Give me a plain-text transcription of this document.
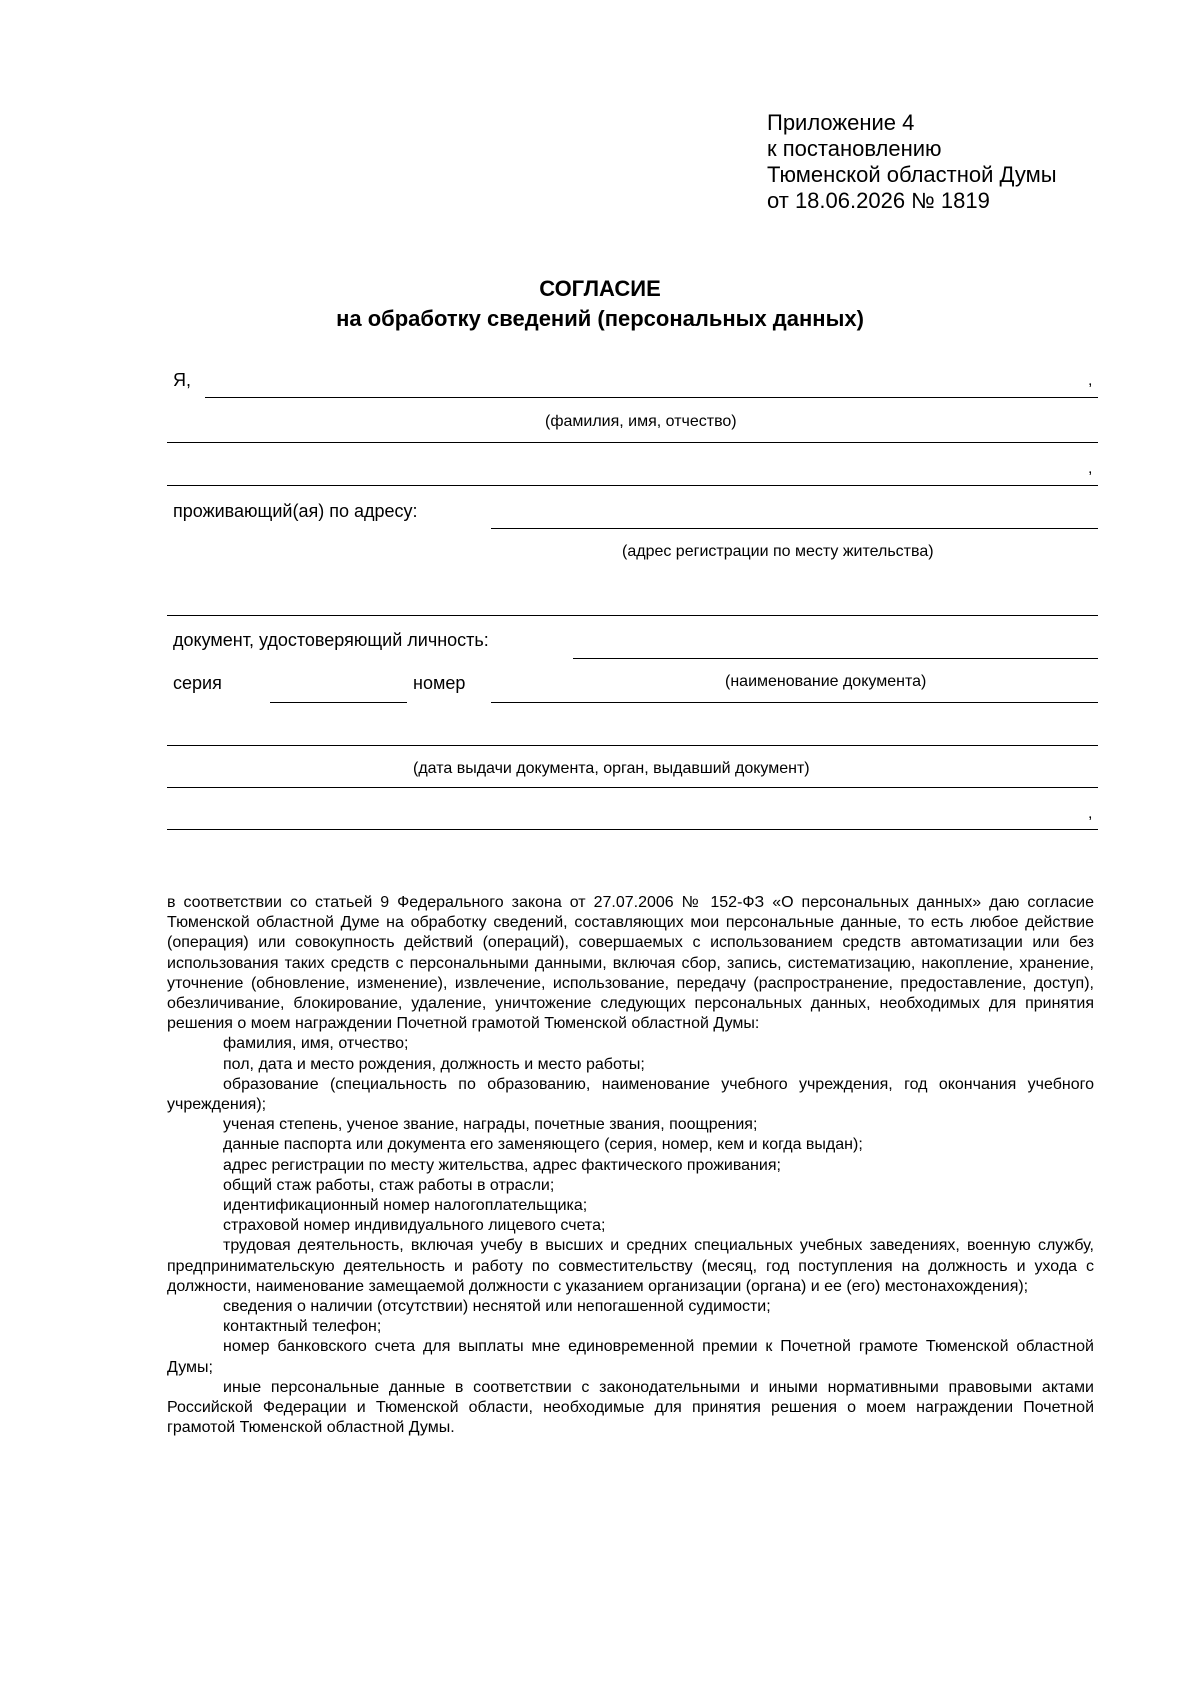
Приложение 4
к постановлению
Тюменской областной Думы
от 18.06.2026 № 1819
СОГЛАСИЕ
на обработку сведений (персональных данных)
Я,	,
(фамилия, имя, отчество)
,
проживающий(ая) по адресу:
(адрес регистрации по месту жительства)
документ, удостоверяющий личность:
серия	номер	(наименование документа)
(дата выдачи документа, орган, выдавший документ)
,

в соответствии со статьей 9 Федерального закона от 27.07.2006 № 152-ФЗ «О персональных данных» даю согласие Тюменской областной Думе на обработку сведений, составляющих мои персональные данные, то есть любое действие (операция) или совокупность действий (операций), совершаемых с использованием средств автоматизации или без использования таких средств с персональными данными, включая сбор, запись, систематизацию, накопление, хранение, уточнение (обновление, изменение), извлечение, использование, передачу (распространение, предоставление, доступ), обезличивание, блокирование, удаление, уничтожение следующих персональных данных, необходимых для принятия решения о моем награждении Почетной грамотой Тюменской областной Думы:

фамилия, имя, отчество;

пол, дата и место рождения, должность и место работы;

образование (специальность по образованию, наименование учебного учреждения, год окончания учебного учреждения);

ученая степень, ученое звание, награды, почетные звания, поощрения;

данные паспорта или документа его заменяющего (серия, номер, кем и когда выдан);

адрес регистрации по месту жительства, адрес фактического проживания;

общий стаж работы, стаж работы в отрасли;

идентификационный номер налогоплательщика;

страховой номер индивидуального лицевого счета;

трудовая деятельность, включая учебу в высших и средних специальных учебных заведениях, военную службу, предпринимательскую деятельность и работу по совместительству (месяц, год поступления на должность и ухода с должности, наименование замещаемой должности с указанием организации (органа) и ее (его) местонахождения);

сведения о наличии (отсутствии) неснятой или непогашенной судимости;

контактный телефон;

номер банковского счета для выплаты мне единовременной премии к Почетной грамоте Тюменской областной Думы;

иные персональные данные в соответствии с законодательными и иными нормативными правовыми актами Российской Федерации и Тюменской области, необходимые для принятия решения о моем награждении Почетной грамотой Тюменской областной Думы.
